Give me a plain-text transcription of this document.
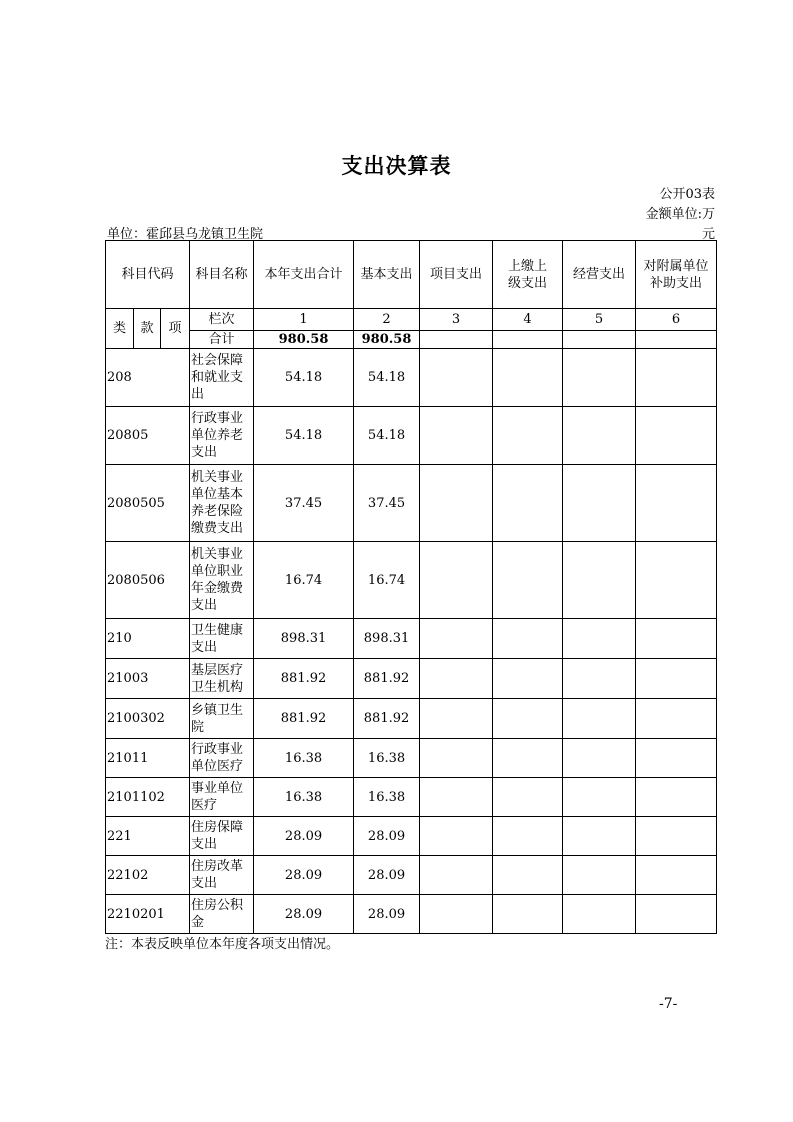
支出决算表
公开03表
金额单位:万
单位：霍邱县乌龙镇卫生院	元
科目代码			科目名称	本年支出合计	基本支出	项目支出	上缴上级支出	经营支出	对附属单位补助支出
类	款	项	栏次	1	2	3	4	5	6
			合计	980.58	980.58				
208			社会保障和就业支出	54.18	54.18				
20805			行政事业单位养老支出	54.18	54.18				
2080505			机关事业单位基本养老保险缴费支出	37.45	37.45				
2080506			机关事业单位职业年金缴费支出	16.74	16.74				
210			卫生健康支出	898.31	898.31				
21003			基层医疗卫生机构	881.92	881.92				
2100302			乡镇卫生院	881.92	881.92				
21011			行政事业单位医疗	16.38	16.38				
2101102			事业单位医疗	16.38	16.38				
221			住房保障支出	28.09	28.09				
22102			住房改革支出	28.09	28.09				
2210201			住房公积金	28.09	28.09				
注：本表反映单位本年度各项支出情况。
-7-
